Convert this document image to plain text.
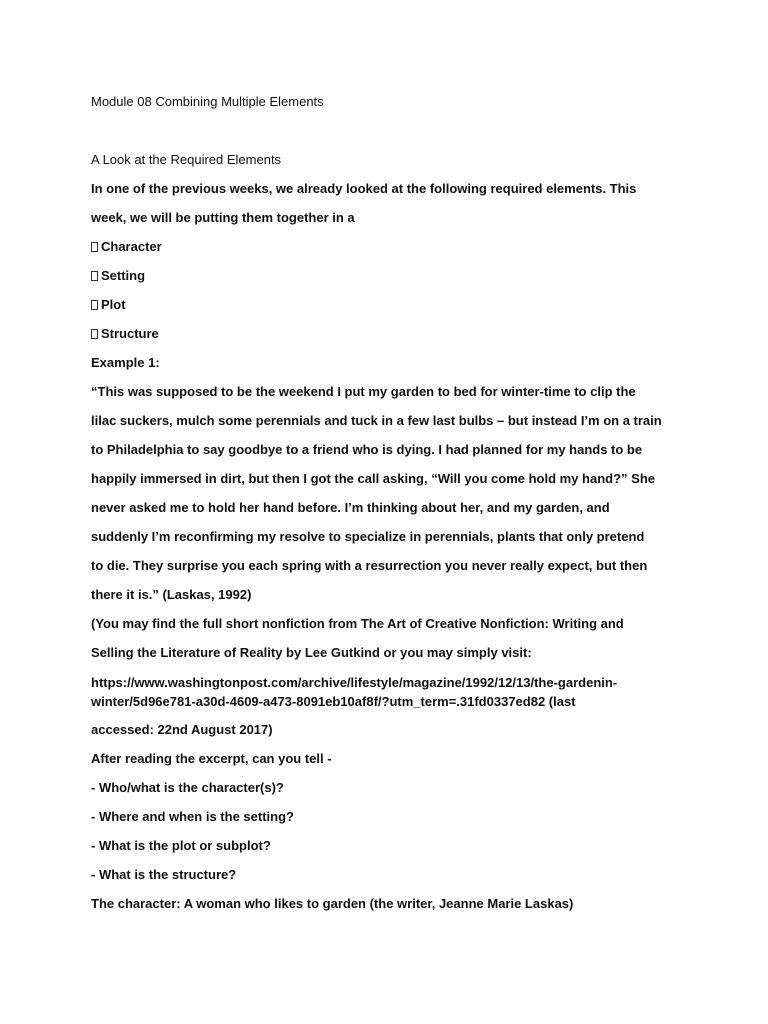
Module 08 Combining Multiple Elements

A Look at the Required Elements

In one of the previous weeks, we already looked at the following required elements. This

week, we will be putting them together in a

Character

Setting

Plot

Structure

Example 1:

“This was supposed to be the weekend I put my garden to bed for winter-time to clip the

lilac suckers, mulch some perennials and tuck in a few last bulbs – but instead I’m on a train

to Philadelphia to say goodbye to a friend who is dying. I had planned for my hands to be

happily immersed in dirt, but then I got the call asking, “Will you come hold my hand?” She

never asked me to hold her hand before. I’m thinking about her, and my garden, and

suddenly I’m reconfirming my resolve to specialize in perennials, plants that only pretend

to die. They surprise you each spring with a resurrection you never really expect, but then

there it is.” (Laskas, 1992)

(You may find the full short nonfiction from The Art of Creative Nonfiction: Writing and

Selling the Literature of Reality by Lee Gutkind or you may simply visit:

https://www.washingtonpost.com/archive/lifestyle/magazine/1992/12/13/the-gardenin-

winter/5d96e781-a30d-4609-a473-8091eb10af8f/?utm_term=.31fd0337ed82 (last

accessed: 22nd August 2017)

After reading the excerpt, can you tell -

- Who/what is the character(s)?

- Where and when is the setting?

- What is the plot or subplot?

- What is the structure?

The character: A woman who likes to garden (the writer, Jeanne Marie Laskas)
